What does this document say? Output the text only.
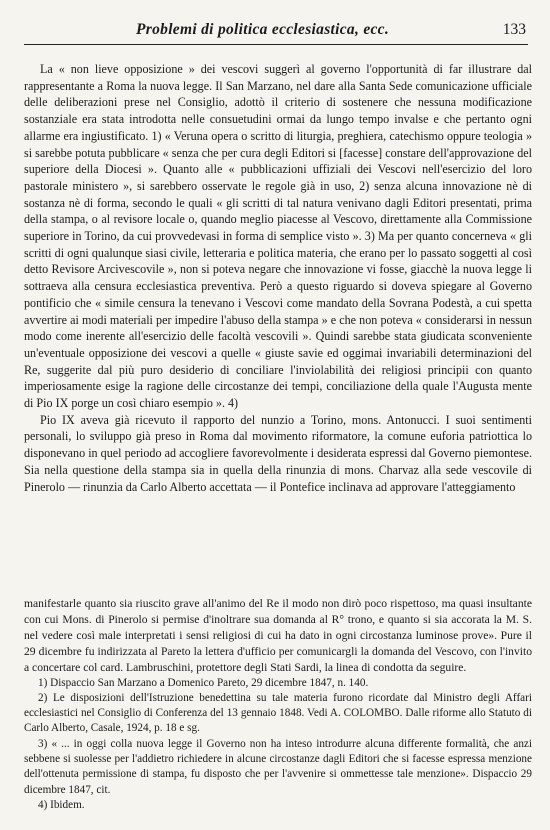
Problemi di politica ecclesiastica, ecc.	133

La « non lieve opposizione » dei vescovi suggerì al governo l'opportunità di far illustrare dal rappresentante a Roma la nuova legge. Il San Marzano, nel dare alla Santa Sede comunicazione ufficiale delle deliberazioni prese nel Consiglio, adottò il criterio di sostenere che nessuna modificazione sostanziale era stata introdotta nelle consuetudini ormai da lungo tempo invalse e che pertanto ogni allarme era ingiustificato. 1) « Veruna opera o scritto di liturgia, preghiera, catechismo oppure teologia » si sarebbe potuta pubblicare « senza che per cura degli Editori si [facesse] constare dell'approvazione del superiore della Diocesi ». Quanto alle « pubblicazioni uffiziali dei Vescovi nell'esercizio del loro pastorale ministero », si sarebbero osservate le regole già in uso, 2) senza alcuna innovazione nè di sostanza nè di forma, secondo le quali « gli scritti di tal natura venivano dagli Editori presentati, prima della stampa, o al revisore locale o, quando meglio piacesse al Vescovo, direttamente alla Commissione superiore in Torino, da cui provvedevasi in forma di semplice visto ». 3) Ma per quanto concerneva « gli scritti di ogni qualunque siasi civile, letteraria e politica materia, che erano per lo passato soggetti al così detto Revisore Arcivescovile », non si poteva negare che innovazione vi fosse, giacchè la nuova legge li sottraeva alla censura ecclesiastica preventiva. Però a questo riguardo si doveva spiegare al Governo pontificio che « simile censura la tenevano i Vescovi come mandato della Sovrana Podestà, a cui spetta avvertire ai modi materiali per impedire l'abuso della stampa » e che non poteva « considerarsi in nessun modo come inerente all'esercizio delle facoltà vescovili ». Quindi sarebbe stata giudicata sconveniente un'eventuale opposizione dei vescovi a quelle « giuste savie ed oggimai invariabili determinazioni del Re, suggerite dal più puro desiderio di conciliare l'inviolabilità dei religiosi principii con quanto imperiosamente esige la ragione delle circostanze dei tempi, conciliazione della quale l'Augusta mente di Pio IX porge un così chiaro esempio ». 4)

Pio IX aveva già ricevuto il rapporto del nunzio a Torino, mons. Antonucci. I suoi sentimenti personali, lo sviluppo già preso in Roma dal movimento riformatore, la comune euforia patriottica lo disponevano in quel periodo ad accogliere favorevolmente i desiderata espressi dal Governo piemontese. Sia nella questione della stampa sia in quella della rinunzia di mons. Charvaz alla sede vescovile di Pinerolo — rinunzia da Carlo Alberto accettata — il Pontefice inclinava ad approvare l'atteggiamento

manifestarle quanto sia riuscito grave all'animo del Re il modo non dirò poco rispettoso, ma quasi insultante con cui Mons. di Pinerolo si permise d'inoltrare sua domanda al R° trono, e quanto si sia accorata la M. S. nel vedere così male interpretati i sensi religiosi di cui ha dato in ogni circostanza luminose prove». Pure il 29 dicembre fu indirizzata al Pareto la lettera d'ufficio per comunicargli la domanda del Vescovo, con l'invito a concertare col card. Lambruschini, protettore degli Stati Sardi, la linea di condotta da seguire.

1) Dispaccio San Marzano a Domenico Pareto, 29 dicembre 1847, n. 140.

2) Le disposizioni dell'Istruzione benedettina su tale materia furono ricordate dal Ministro degli Affari ecclesiastici nel Consiglio di Conferenza del 13 gennaio 1848. Vedi A. COLOMBO. Dalle riforme allo Statuto di Carlo Alberto, Casale, 1924, p. 18 e sg.

3) « ... in oggi colla nuova legge il Governo non ha inteso introdurre alcuna differente formalità, che anzi sebbene si suolesse per l'addietro richiedere in alcune circostanze dagli Editori che si facesse espressa menzione dell'ottenuta permissione di stampa, fu disposto che per l'avvenire si ommettesse tale menzione». Dispaccio 29 dicembre 1847, cit.

4) Ibidem.
